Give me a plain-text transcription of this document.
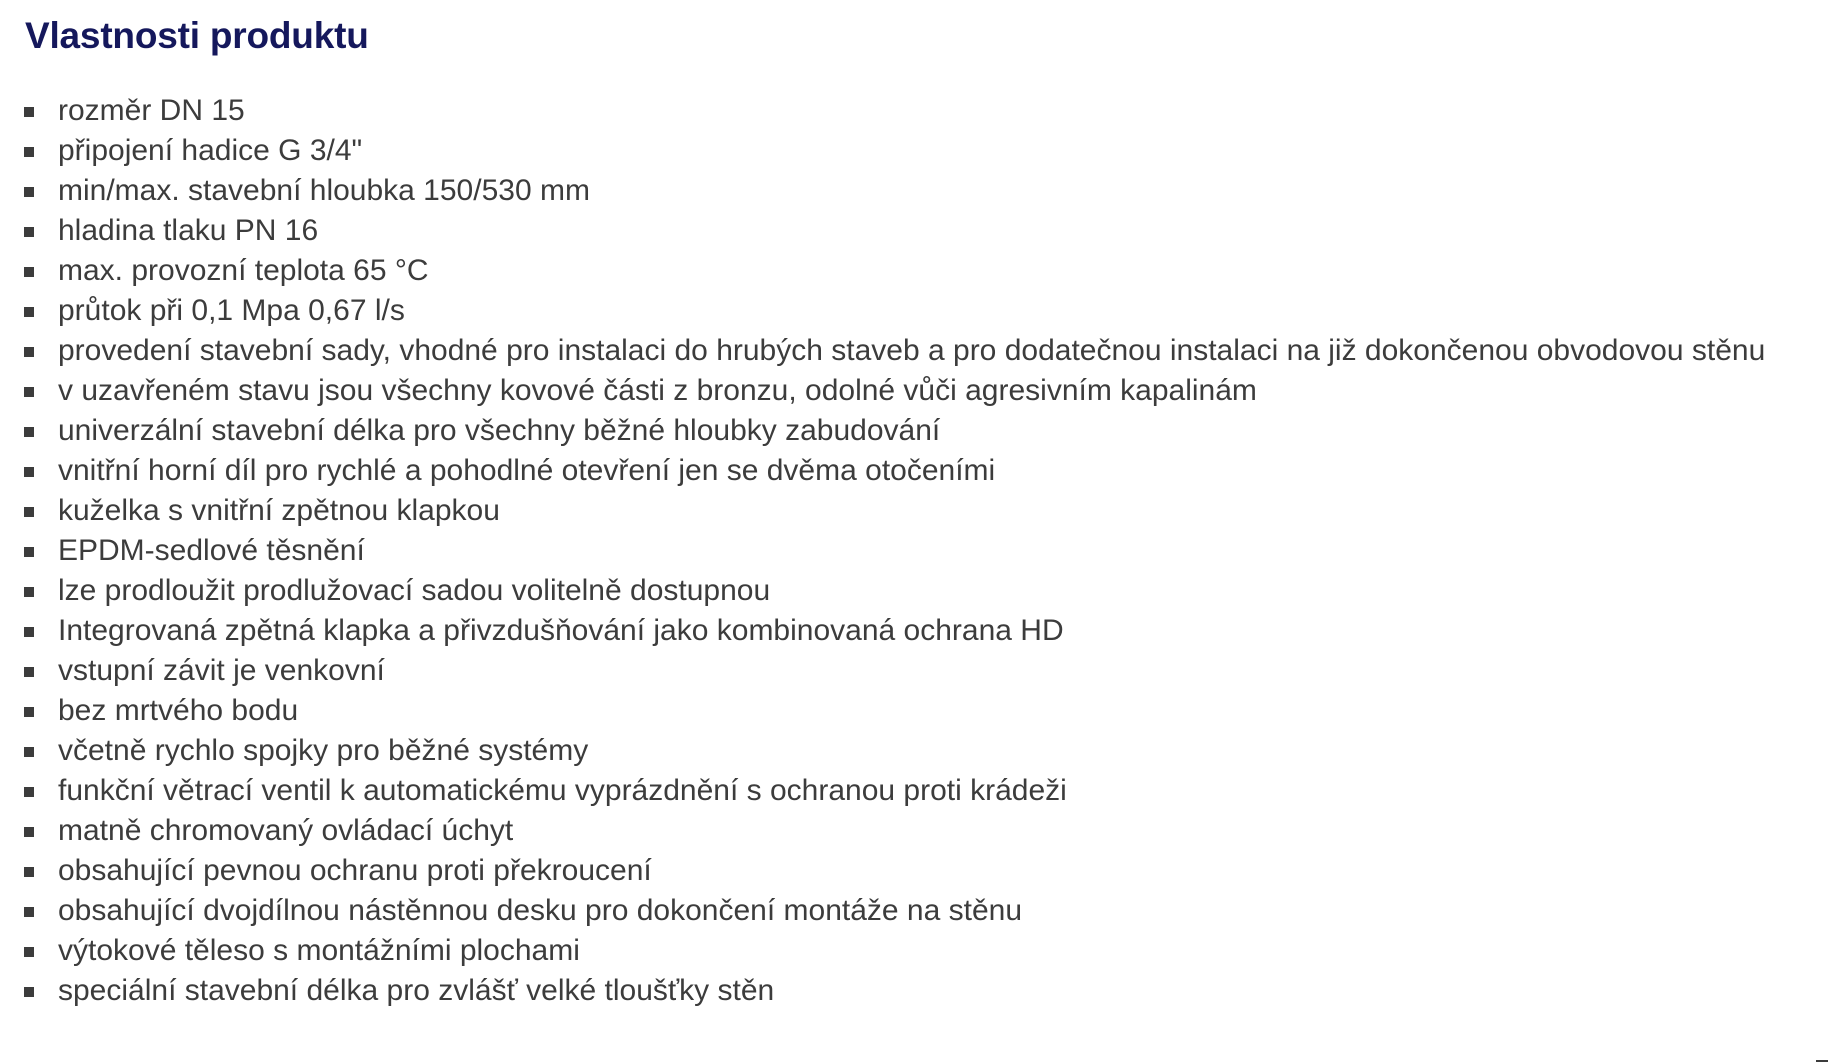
Vlastnosti produktu
rozměr DN 15
připojení hadice G 3/4"
min/max. stavební hloubka 150/530 mm
hladina tlaku PN 16
max. provozní teplota 65 °C
průtok při 0,1 Mpa 0,67 l/s
provedení stavební sady, vhodné pro instalaci do hrubých staveb a pro dodatečnou instalaci na již dokončenou obvodovou stěnu
v uzavřeném stavu jsou všechny kovové části z bronzu, odolné vůči agresivním kapalinám
univerzální stavební délka pro všechny běžné hloubky zabudování
vnitřní horní díl pro rychlé a pohodlné otevření jen se dvěma otočeními
kuželka s vnitřní zpětnou klapkou
EPDM-sedlové těsnění
lze prodloužit prodlužovací sadou volitelně dostupnou
Integrovaná zpětná klapka a přivzdušňování jako kombinovaná ochrana HD
vstupní závit je venkovní
bez mrtvého bodu
včetně rychlo spojky pro běžné systémy
funkční větrací ventil k automatickému vyprázdnění s ochranou proti krádeži
matně chromovaný ovládací úchyt
obsahující pevnou ochranu proti překroucení
obsahující dvojdílnou nástěnnou desku pro dokončení montáže na stěnu
výtokové těleso s montážními plochami
speciální stavební délka pro zvlášť velké tloušťky stěn
